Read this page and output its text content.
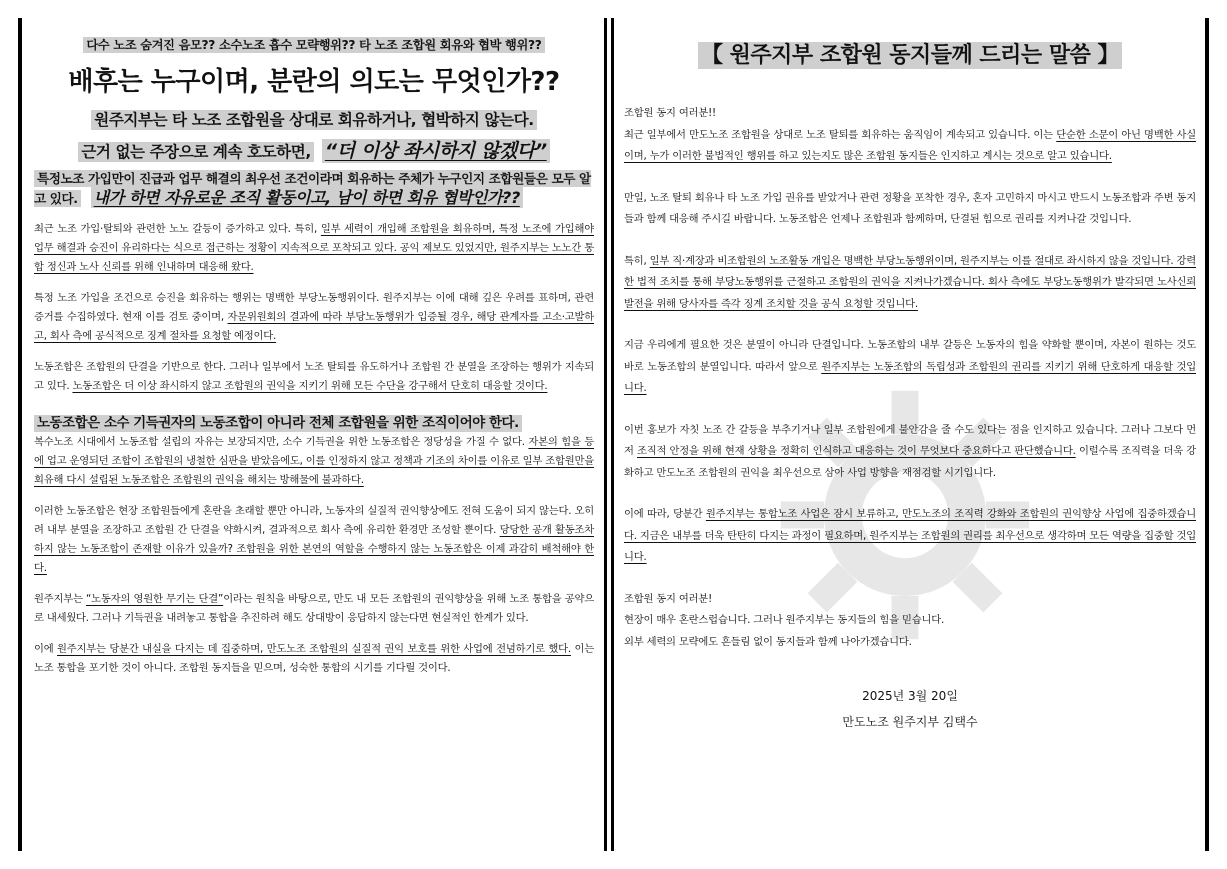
다수 노조 숨겨진 음모?? 소수노조 흡수 모략행위?? 타 노조 조합원 회유와 협박 행위??
배후는 누구이며, 분란의 의도는 무엇인가??
원주지부는 타 노조 조합원을 상대로 회유하거나, 협박하지 않는다.
근거 없는 주장으로 계속 호도하면, “더 이상 좌시하지 않겠다”
특정노조 가입만이 진급과 업무 해결의 최우선 조건이라며 회유하는 주체가 누구인지 조합원들은 모두 알고 있다. 내가 하면 자유로운 조직 활동이고, 남이 하면 회유 협박인가??
최근 노조 가입·탈퇴와 관련한 노노 갈등이 증가하고 있다. 특히, 일부 세력이 개입해 조합원을 회유하며, 특정 노조에 가입해야 업무 해결과 승진이 유리하다는 식으로 접근하는 정황이 지속적으로 포착되고 있다. 공익 제보도 있었지만, 원주지부는 노노간 통합 정신과 노사 신뢰를 위해 인내하며 대응해 왔다.
특정 노조 가입을 조건으로 승진을 회유하는 행위는 명백한 부당노동행위이다. 원주지부는 이에 대해 깊은 우려를 표하며, 관련 증거를 수집하였다. 현재 이를 검토 중이며, 자문위원회의 결과에 따라 부당노동행위가 입증될 경우, 해당 관계자를 고소·고발하고, 회사 측에 공식적으로 징계 절차를 요청할 예정이다.
노동조합은 조합원의 단결을 기반으로 한다. 그러나 일부에서 노조 탈퇴를 유도하거나 조합원 간 분열을 조장하는 행위가 지속되고 있다. 노동조합은 더 이상 좌시하지 않고 조합원의 권익을 지키기 위해 모든 수단을 강구해서 단호히 대응할 것이다.
노동조합은 소수 기득권자의 노동조합이 아니라 전체 조합원을 위한 조직이어야 한다.
복수노조 시대에서 노동조합 설립의 자유는 보장되지만, 소수 기득권을 위한 노동조합은 정당성을 가질 수 없다. 자본의 힘을 등에 업고 운영되던 조합이 조합원의 냉철한 심판을 받았음에도, 이를 인정하지 않고 정책과 기조의 차이를 이유로 일부 조합원만을 회유해 다시 설립된 노동조합은 조합원의 권익을 해치는 방해물에 불과하다.
이러한 노동조합은 현장 조합원들에게 혼란을 초래할 뿐만 아니라, 노동자의 실질적 권익향상에도 전혀 도움이 되지 않는다. 오히려 내부 분열을 조장하고 조합원 간 단결을 약화시켜, 결과적으로 회사 측에 유리한 환경만 조성할 뿐이다. 당당한 공개 활동조차 하지 않는 노동조합이 존재할 이유가 있을까? 조합원을 위한 본연의 역할을 수행하지 않는 노동조합은 이제 과감히 배척해야 한다.
원주지부는 “노동자의 영원한 무기는 단결”이라는 원칙을 바탕으로, 만도 내 모든 조합원의 권익향상을 위해 노조 통합을 공약으로 내세웠다. 그러나 기득권을 내려놓고 통합을 추진하려 해도 상대방이 응답하지 않는다면 현실적인 한계가 있다.
이에 원주지부는 당분간 내실을 다지는 데 집중하며, 만도노조 조합원의 실질적 권익 보호를 위한 사업에 전념하기로 했다. 이는 노조 통합을 포기한 것이 아니다. 조합원 동지들을 믿으며, 성숙한 통합의 시기를 기다릴 것이다.
【 원주지부 조합원 동지들께 드리는 말씀 】
조합원 동지 여러분!!
최근 일부에서 만도노조 조합원을 상대로 노조 탈퇴를 회유하는 움직임이 계속되고 있습니다. 이는 단순한 소문이 아닌 명백한 사실이며, 누가 이러한 불법적인 행위를 하고 있는지도 많은 조합원 동지들은 인지하고 계시는 것으로 알고 있습니다.
만일, 노조 탈퇴 회유나 타 노조 가입 권유를 받았거나 관련 정황을 포착한 경우, 혼자 고민하지 마시고 반드시 노동조합과 주변 동지들과 함께 대응해 주시길 바랍니다. 노동조합은 언제나 조합원과 함께하며, 단결된 힘으로 권리를 지켜나갈 것입니다.
특히, 일부 직·계장과 비조합원의 노조활동 개입은 명백한 부당노동행위이며, 원주지부는 이를 절대로 좌시하지 않을 것입니다. 강력한 법적 조치를 통해 부당노동행위를 근절하고 조합원의 권익을 지켜나가겠습니다. 회사 측에도 부당노동행위가 발각되면 노사신뢰 발전을 위해 당사자를 즉각 징계 조치할 것을 공식 요청할 것입니다.
지금 우리에게 필요한 것은 분열이 아니라 단결입니다. 노동조합의 내부 갈등은 노동자의 힘을 약화할 뿐이며, 자본이 원하는 것도 바로 노동조합의 분열입니다. 따라서 앞으로 원주지부는 노동조합의 독립성과 조합원의 권리를 지키기 위해 단호하게 대응할 것입니다.
이번 홍보가 자칫 노조 간 갈등을 부추기거나 일부 조합원에게 불안감을 줄 수도 있다는 점을 인지하고 있습니다. 그러나 그보다 먼저 조직적 안정을 위해 현재 상황을 정확히 인식하고 대응하는 것이 무엇보다 중요하다고 판단했습니다. 이럴수록 조직력을 더욱 강화하고 만도노조 조합원의 권익을 최우선으로 삼아 사업 방향을 재점검할 시기입니다.
이에 따라, 당분간 원주지부는 통합노조 사업은 잠시 보류하고, 만도노조의 조직력 강화와 조합원의 권익향상 사업에 집중하겠습니다. 지금은 내부를 더욱 탄탄히 다지는 과정이 필요하며, 원주지부는 조합원의 권리를 최우선으로 생각하며 모든 역량을 집중할 것입니다.
조합원 동지 여러분!
현장이 매우 혼란스럽습니다. 그러나 원주지부는 동지들의 힘을 믿습니다.
외부 세력의 모략에도 흔들림 없이 동지들과 함께 나아가겠습니다.
2025년 3월 20일
만도노조 원주지부 김택수
